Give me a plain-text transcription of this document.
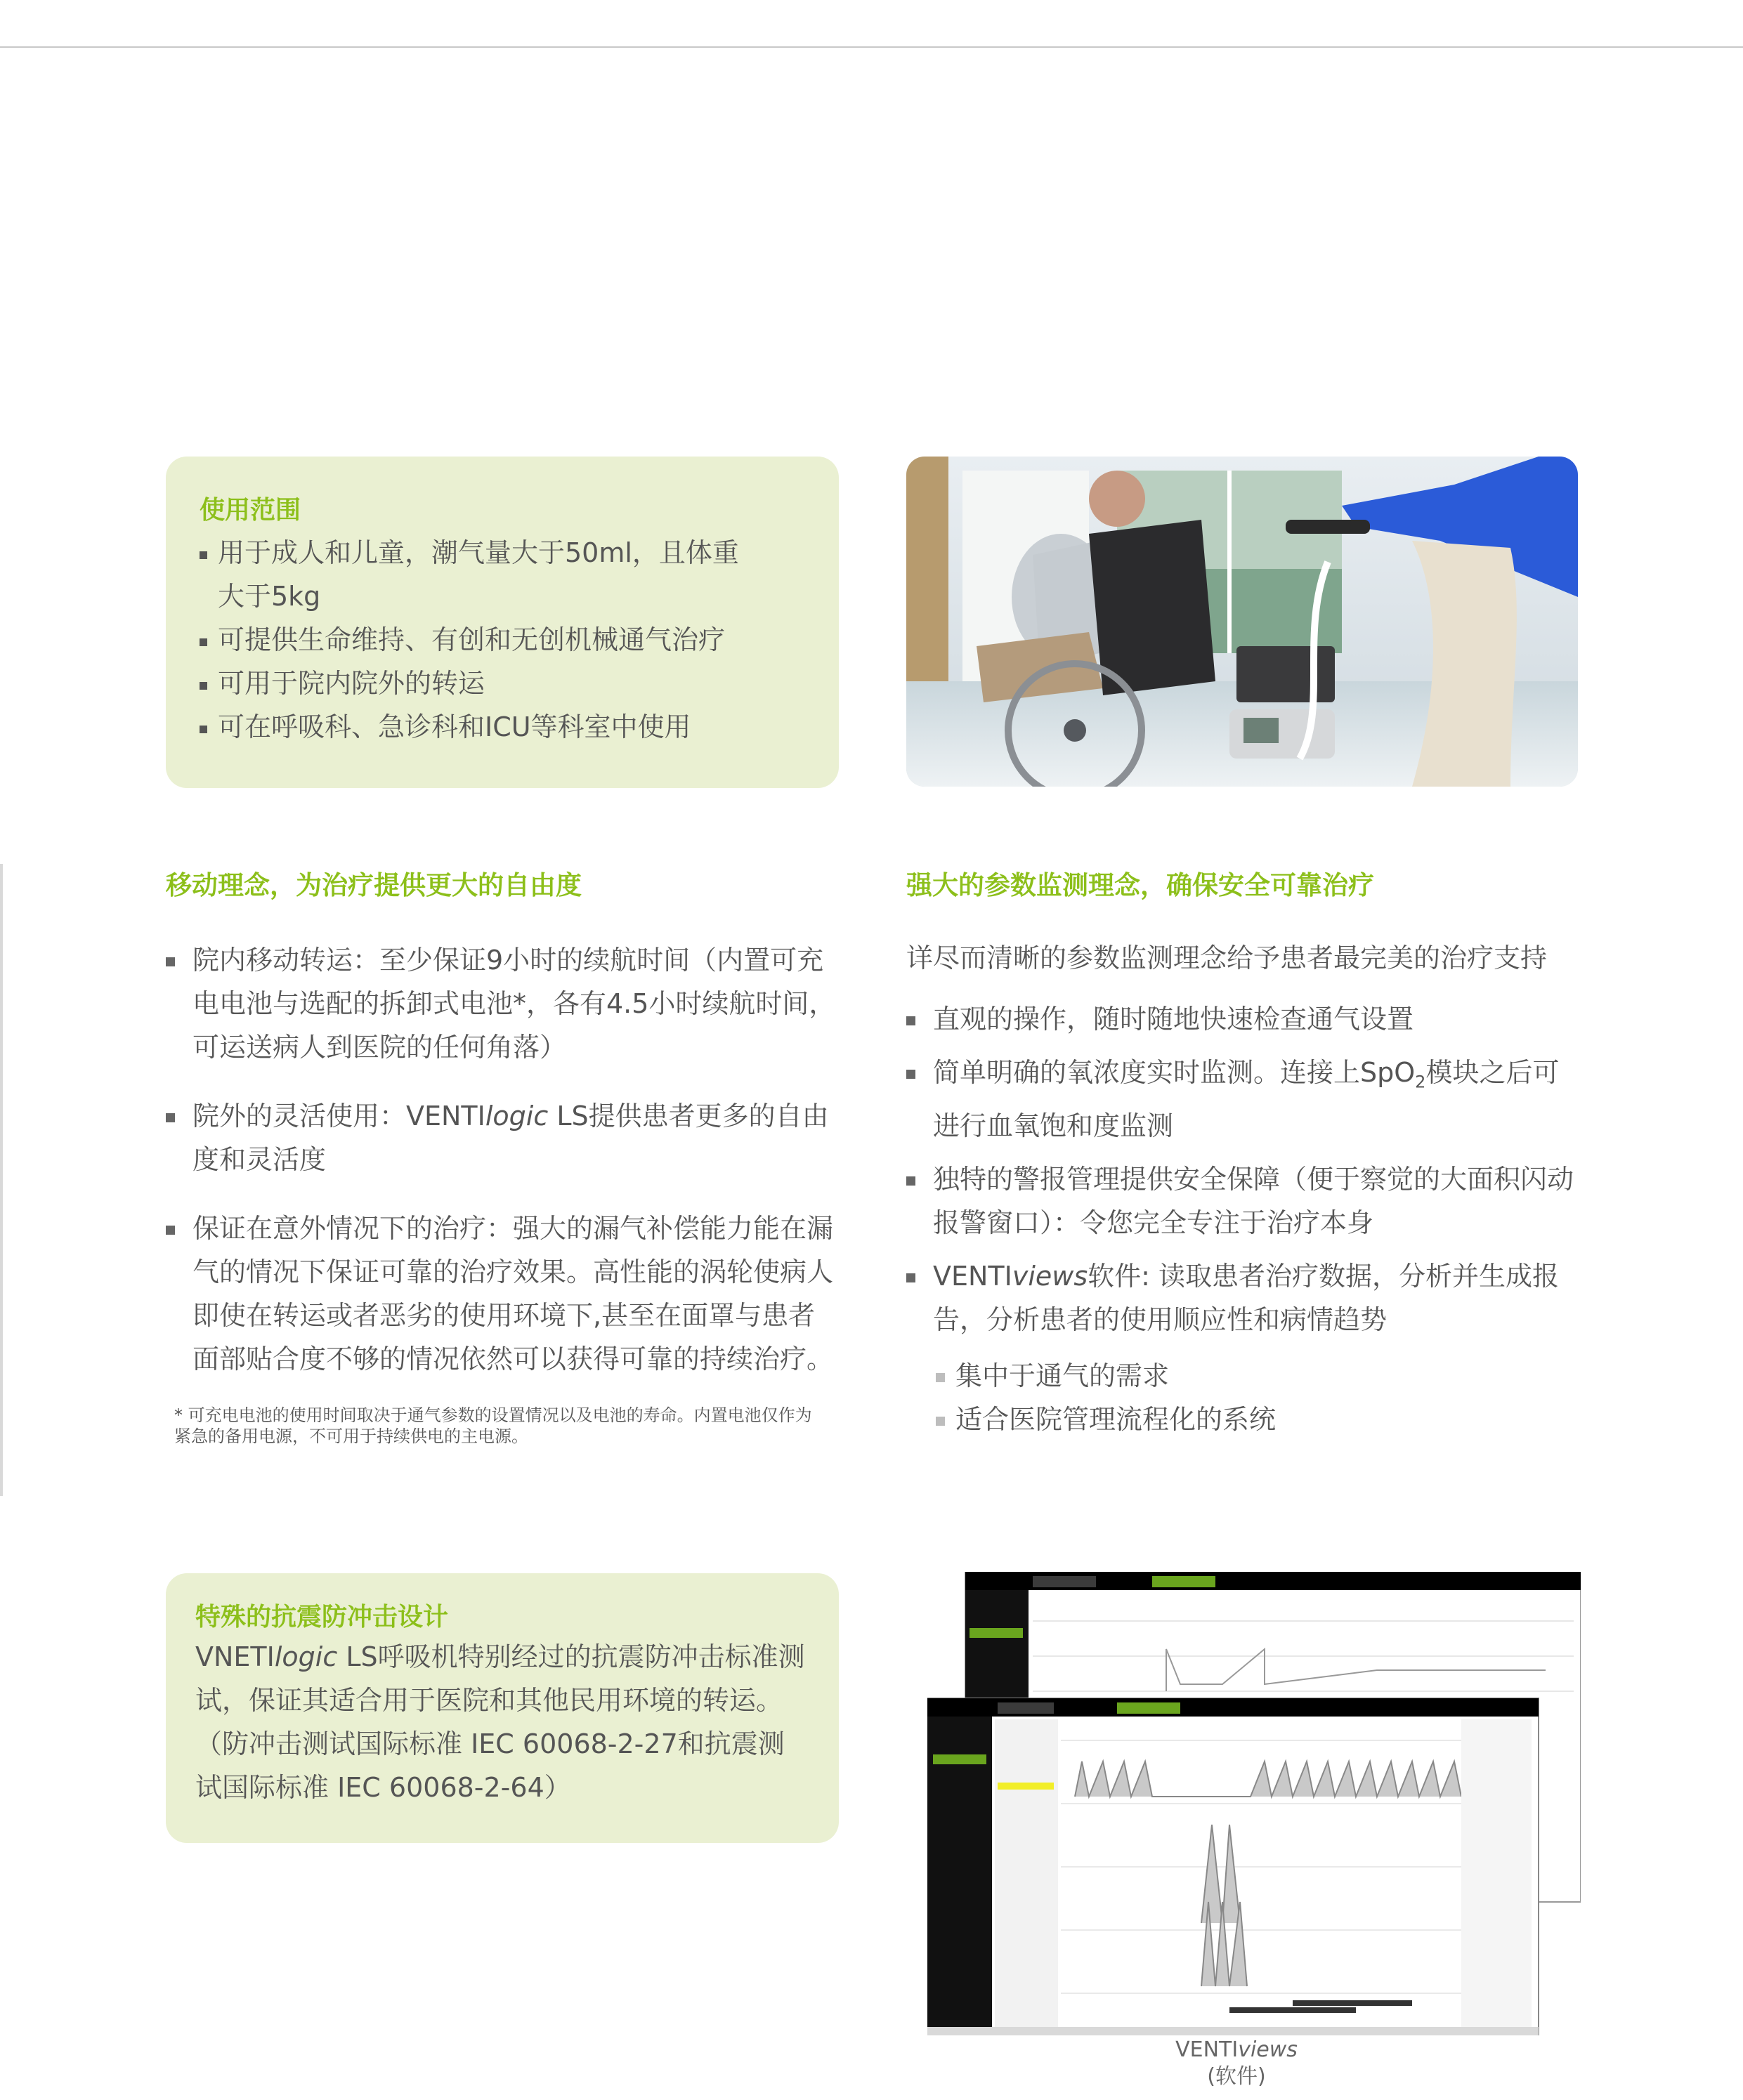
使用范围
用于成人和儿童，潮气量大于50ml，且体重大于5kg
可提供生命维持、有创和无创机械通气治疗
可用于院内院外的转运
可在呼吸科、急诊科和ICU等科室中使用
移动理念，为治疗提供更大的自由度
院内移动转运：至少保证9小时的续航时间（内置可充电电池与选配的拆卸式电池*，各有4.5小时续航时间，可运送病人到医院的任何角落）
院外的灵活使用：VENTIlogic LS提供患者更多的自由度和灵活度
保证在意外情况下的治疗：强大的漏气补偿能力能在漏气的情况下保证可靠的治疗效果。高性能的涡轮使病人即使在转运或者恶劣的使用环境下,甚至在面罩与患者面部贴合度不够的情况依然可以获得可靠的持续治疗。

* 可充电电池的使用时间取决于通气参数的设置情况以及电池的寿命。内置电池仅作为紧急的备用电源，不可用于持续供电的主电源。

强大的参数监测理念，确保安全可靠治疗

详尽而清晰的参数监测理念给予患者最完美的治疗支持

直观的操作，随时随地快速检查通气设置
简单明确的氧浓度实时监测。连接上SpO$_2$模块之后可进行血氧饱和度监测
独特的警报管理提供安全保障（便于察觉的大面积闪动报警窗口）：令您完全专注于治疗本身
VENTIviews软件: 读取患者治疗数据，分析并生成报告，分析患者的使用顺应性和病情趋势
集中于通气的需求
适合医院管理流程化的系统
特殊的抗震防冲击设计

VNETIlogic LS呼吸机特别经过的抗震防冲击标准测试，保证其适合用于医院和其他民用环境的转运。（防冲击测试国际标准 IEC 60068-2-27和抗震测试国际标准 IEC 60068-2-64）

VENTIviews
(软件)
